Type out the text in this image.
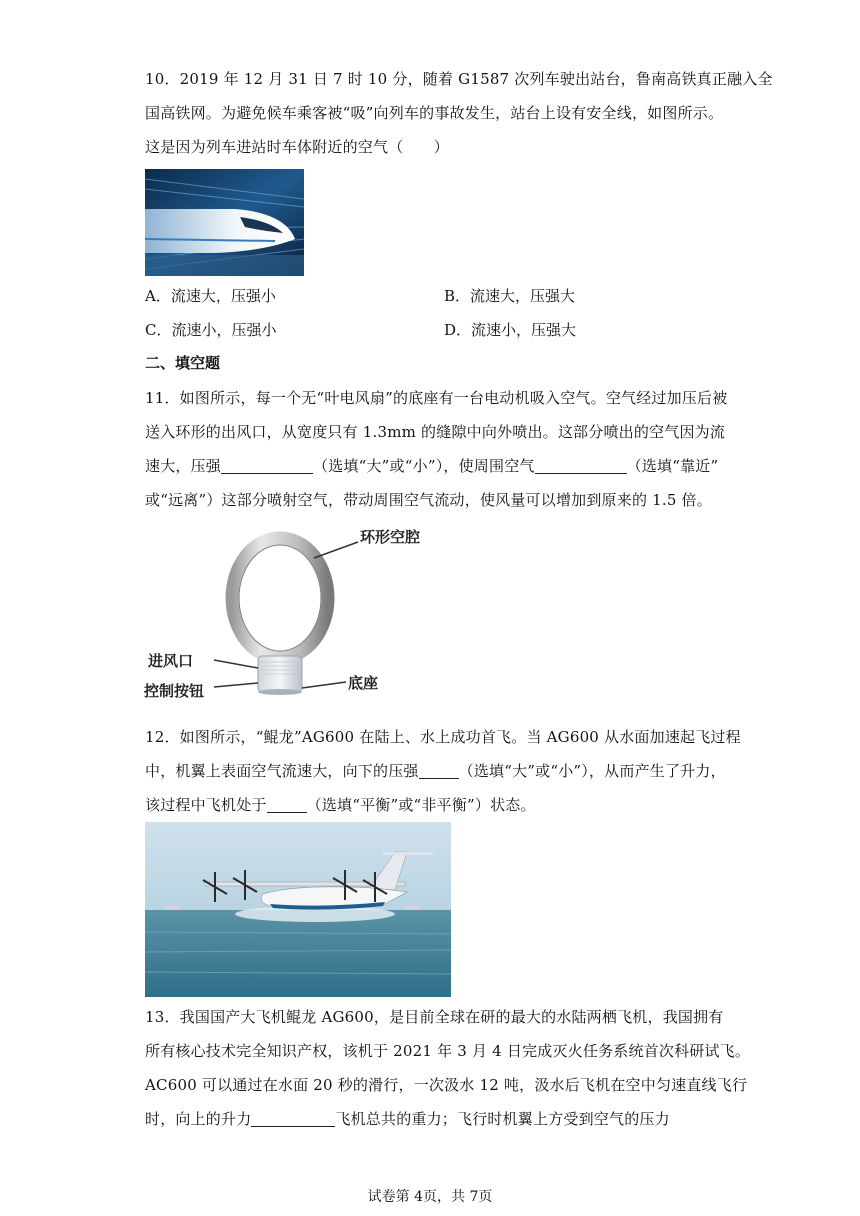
10．2019 年 12 月 31 日 7 时 10 分，随着 G1587 次列车驶出站台，鲁南高铁真正融入全
国高铁网。为避免候车乘客被“吸”向列车的事故发生，站台上设有安全线，如图所示。
这是因为列车进站时车体附近的空气（　　）
A．流速大，压强小	B．流速大，压强大
C．流速小，压强小	D．流速小，压强大
二、填空题
11．如图所示，每一个无“叶电风扇”的底座有一台电动机吸入空气。空气经过加压后被
送入环形的出风口，从宽度只有 1.3mm 的缝隙中向外喷出。这部分喷出的空气因为流
速大，压强	（选填“大”或“小”），使周围空气	（选填“靠近”
或“远离”）这部分喷射空气，带动周围空气流动，使风量可以增加到原来的 1.5 倍。
环形空腔
进风口
控制按钮	底座
12．如图所示，“鲲龙”AG600 在陆上、水上成功首飞。当 AG600 从水面加速起飞过程
中，机翼上表面空气流速大，向下的压强	（选填“大”或“小”），从而产生了升力，
该过程中飞机处于	（选填“平衡”或“非平衡”）状态。
13．我国国产大飞机鲲龙 AG600，是目前全球在研的最大的水陆两栖飞机，我国拥有
所有核心技术完全知识产权，该机于 2021 年 3 月 4 日完成灭火任务系统首次科研试飞。
AC600 可以通过在水面 20 秒的滑行，一次汲水 12 吨，汲水后飞机在空中匀速直线飞行
时，向上的升力	飞机总共的重力；飞行时机翼上方受到空气的压力
试卷第 4页，共 7页
